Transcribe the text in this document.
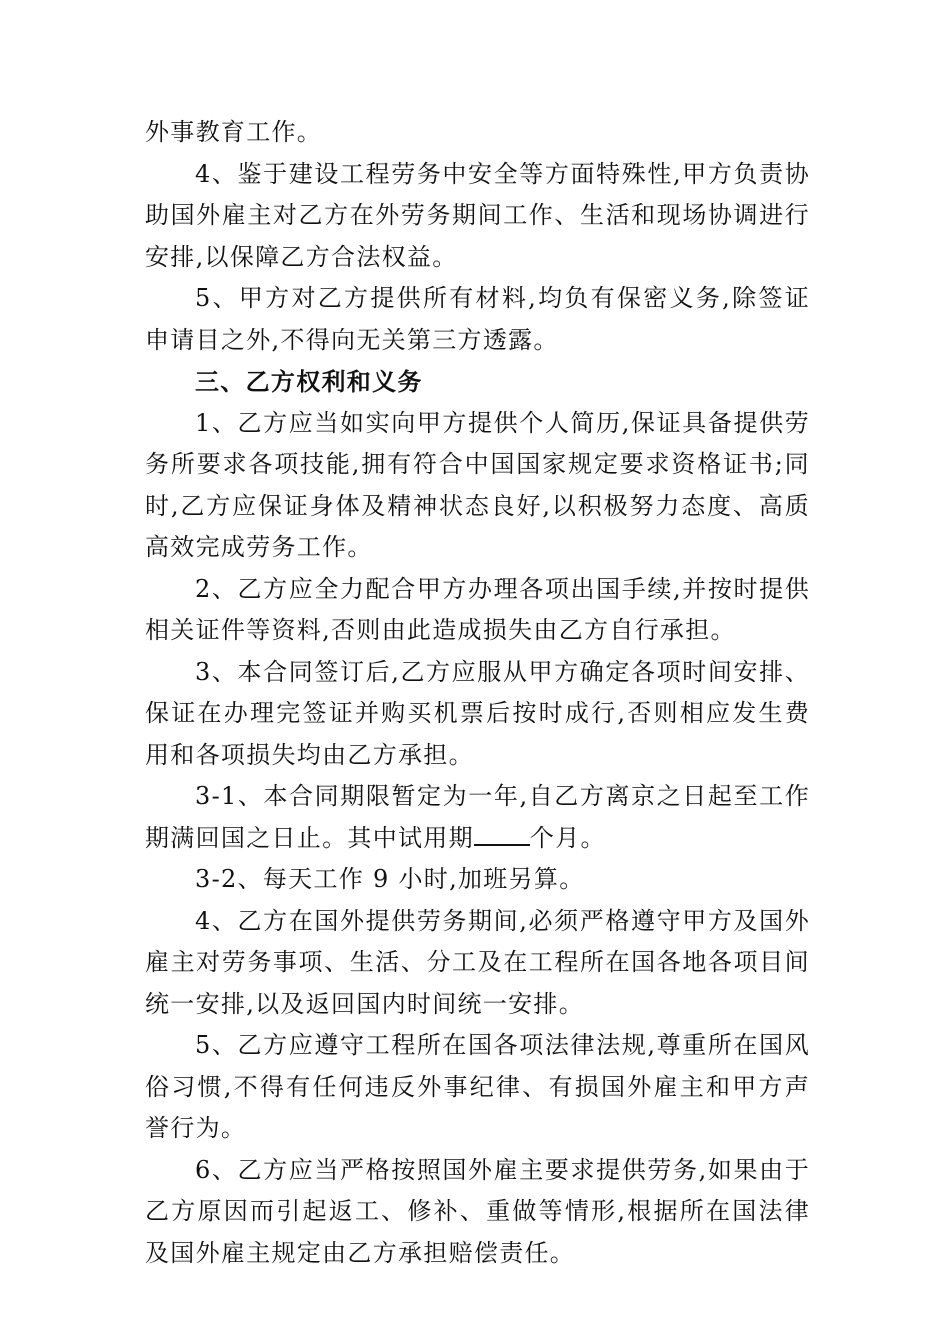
外事教育工作。

4、鉴于建设工程劳务中安全等方面特殊性,甲方负责协助国外雇主对乙方在外劳务期间工作、生活和现场协调进行安排,以保障乙方合法权益。

5、甲方对乙方提供所有材料,均负有保密义务,除签证申请目之外,不得向无关第三方透露。

三、乙方权利和义务

1、乙方应当如实向甲方提供个人简历,保证具备提供劳务所要求各项技能,拥有符合中国国家规定要求资格证书;同时,乙方应保证身体及精神状态良好,以积极努力态度、高质高效完成劳务工作。

2、乙方应全力配合甲方办理各项出国手续,并按时提供相关证件等资料,否则由此造成损失由乙方自行承担。

3、本合同签订后,乙方应服从甲方确定各项时间安排、保证在办理完签证并购买机票后按时成行,否则相应发生费用和各项损失均由乙方承担。

3-1、本合同期限暂定为一年,自乙方离京之日起至工作期满回国之日止。其中试用期 个月。

3-2、每天工作 9 小时,加班另算。

4、乙方在国外提供劳务期间,必须严格遵守甲方及国外雇主对劳务事项、生活、分工及在工程所在国各地各项目间统一安排,以及返回国内时间统一安排。

5、乙方应遵守工程所在国各项法律法规,尊重所在国风俗习惯,不得有任何违反外事纪律、有损国外雇主和甲方声誉行为。

6、乙方应当严格按照国外雇主要求提供劳务,如果由于乙方原因而引起返工、修补、重做等情形,根据所在国法律及国外雇主规定由乙方承担赔偿责任。
